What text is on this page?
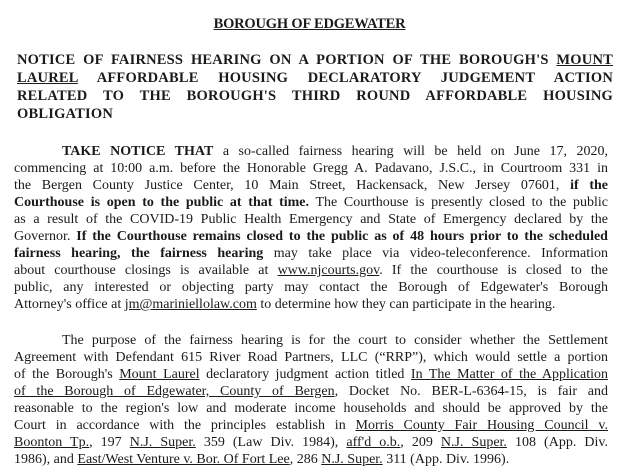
BOROUGH OF EDGEWATER
NOTICE OF FAIRNESS HEARING ON A PORTION OF THE BOROUGH'S MOUNT
LAUREL AFFORDABLE HOUSING DECLARATORY JUDGEMENT ACTION
RELATED TO THE BOROUGH'S THIRD ROUND AFFORDABLE HOUSING
OBLIGATION
TAKE NOTICE THAT a so-called fairness hearing will be held on June 17, 2020,
commencing at 10:00 a.m. before the Honorable Gregg A. Padavano, J.S.C., in Courtroom 331 in
the Bergen County Justice Center, 10 Main Street, Hackensack, New Jersey 07601, if the
Courthouse is open to the public at that time. The Courthouse is presently closed to the public
as a result of the COVID-19 Public Health Emergency and State of Emergency declared by the
Governor. If the Courthouse remains closed to the public as of 48 hours prior to the scheduled
fairness hearing, the fairness hearing may take place via video-teleconference. Information
about courthouse closings is available at www.njcourts.gov. If the courthouse is closed to the
public, any interested or objecting party may contact the Borough of Edgewater's Borough
Attorney's office at jm@mariniellolaw.com to determine how they can participate in the hearing.
The purpose of the fairness hearing is for the court to consider whether the Settlement
Agreement with Defendant 615 River Road Partners, LLC (“RRP”), which would settle a portion
of the Borough's Mount Laurel declaratory judgment action titled In The Matter of the Application
of the Borough of Edgewater, County of Bergen, Docket No. BER-L-6364-15, is fair and
reasonable to the region's low and moderate income households and should be approved by the
Court in accordance with the principles establish in Morris County Fair Housing Council v.
Boonton Tp., 197 N.J. Super. 359 (Law Div. 1984), aff'd o.b., 209 N.J. Super. 108 (App. Div.
1986), and East/West Venture v. Bor. Of Fort Lee, 286 N.J. Super. 311 (App. Div. 1996).
